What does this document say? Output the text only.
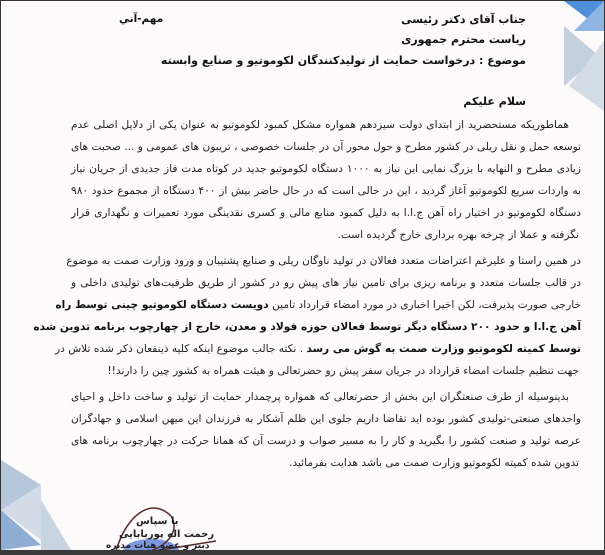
مهم-آني	جناب آقای دکتر رئیسی
ریاست محترم جمهوری
موضوع : درخواست حمایت از تولیدکنندگان لکوموتیو و صنایع وابسته
سلام علیکم
هماطوریکه مستحضرید از ابتدای دولت سیزدهم همواره مشکل کمبود لکوموتیو به عنوان یکی از دلایل اصلی عدم
توسعه حمل و نقل ریلی در کشور مطرح و حول محور آن در جلسات خصوصی ، تریبون های عمومی و ... صحبت های
زیادی مطرح و النهایه با بزرگ نمایی این نیاز به ۱۰۰۰ دستگاه لکوموتیو جدید در کوتاه مدت فاز جدیدی از جریان نیاز
به واردات سریع لکوموتیو آغاز گردید ، این در حالی است که در حال حاضر بیش از ۴۰۰ دستگاه از مجموع حدود ۹۸۰
دستگاه لکوموتیو در اختیار راه آهن ج.ا.ا به دلیل کمبود منابع مالی و کسری نقدینگی مورد تعمیرات و نگهداری قرار
نگرفته و عملا از چرخه بهره برداری خارج گردیده است.
در همین راستا و علیرغم اعتراضات متعدد فعالان در تولید ناوگان ریلی و صنایع پشتیبان و ورود وزارت صمت به موضوع
در قالب جلسات متعدد و برنامه ریزی برای تامین نیاز های پیش رو در کشور از طریق ظرفیت‌های تولیدی داخلی و
خارجی صورت پذیرفت، لکن اخیرا اخباری در مورد امضاء قرارداد تامین دویست دستگاه لکوموتیو چینی توسط راه
آهن ج.ا.ا و حدود ۲۰۰ دستگاه دیگر توسط فعالان حوزه فولاد و معدن، خارج از چهارچوب برنامه تدوین شده
توسط کمیته لکوموتیو وزارت صمت به گوش می رسد . نکته جالب موضوع اینکه کلیه ذینفعان ذکر شده تلاش در
جهت تنظیم جلسات امضاء قرارداد در جریان سفر پیش رو حضرتعالی و هیئت همراه به کشور چین را دارند!!
بدینوسیله از طرف صنعتگران این بخش از حضرتعالی که همواره پرچمدار حمایت از تولید و ساخت داخل و احیای
واحدهای صنعتی-تولیدی کشور بوده اید تقاضا داریم جلوی این ظلم آشکار به فرزندان این میهن اسلامی و جهادگران
عرصه تولید و صنعت کشور را بگیرید و کار را به مسیر صواب و درست آن که همانا حرکت در چهارچوب برنامه های
تدوین شده کمیته لکوموتیو وزارت صمت می باشد هدایت بفرمائید.
با سپاس
رحمت اله پوربابایی
دبیر و عضو هیات مدیره
